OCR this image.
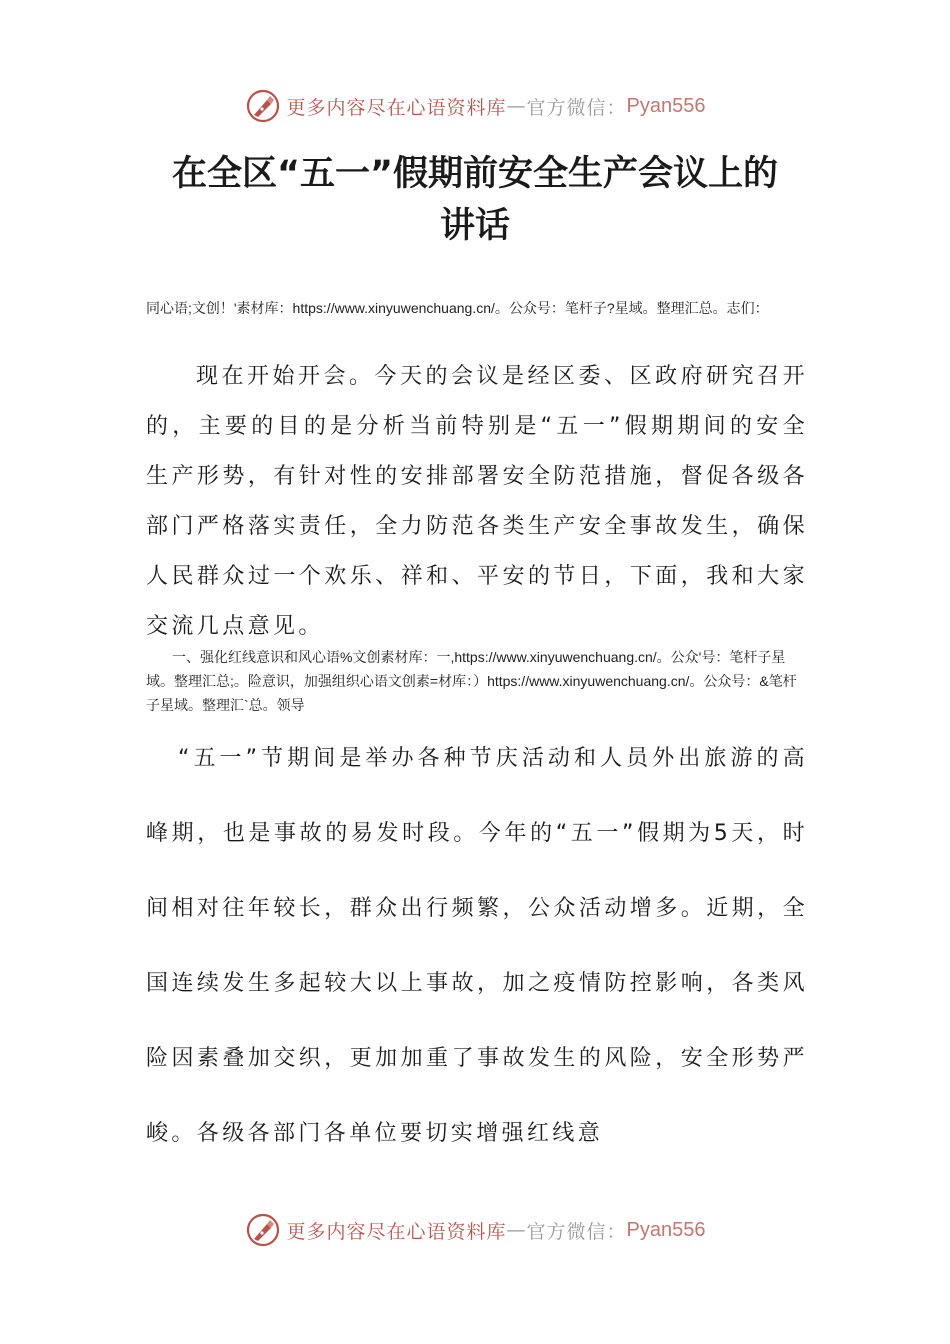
更多内容尽在心语资料库 — 官方微信： Pyan556
在全区“五一”假期前安全生产会议上的
讲话
同心语;文创！'素材库：https://www.xinyuwenchuang.cn/。公众号：笔杆子?星域。整理汇总。志们：
现在开始开会。今天的会议是经区委、区政府研究召开的，主要的目的是分析当前特别是“五一”假期期间的安全生产形势，有针对性的安排部署安全防范措施，督促各级各部门严格落实责任，全力防范各类生产安全事故发生，确保人民群众过一个欢乐、祥和、平安的节日，下面，我和大家交流几点意见。
一、强化红线意识和风心语%文创素材库：一,https://www.xinyuwenchuang.cn/。公众'号：笔杆子星域。整理汇总;。险意识，加强组织心语文创素=材库：）https://www.xinyuwenchuang.cn/。公众号：&笔杆子星域。整理汇`总。领导
“五一”节期间是举办各种节庆活动和人员外出旅游的高峰期，也是事故的易发时段。今年的“五一”假期为5天，时间相对往年较长，群众出行频繁，公众活动增多。近期，全国连续发生多起较大以上事故，加之疫情防控影响，各类风险因素叠加交织，更加加重了事故发生的风险，安全形势严峻。各级各部门各单位要切实增强红线意
更多内容尽在心语资料库 — 官方微信： Pyan556
